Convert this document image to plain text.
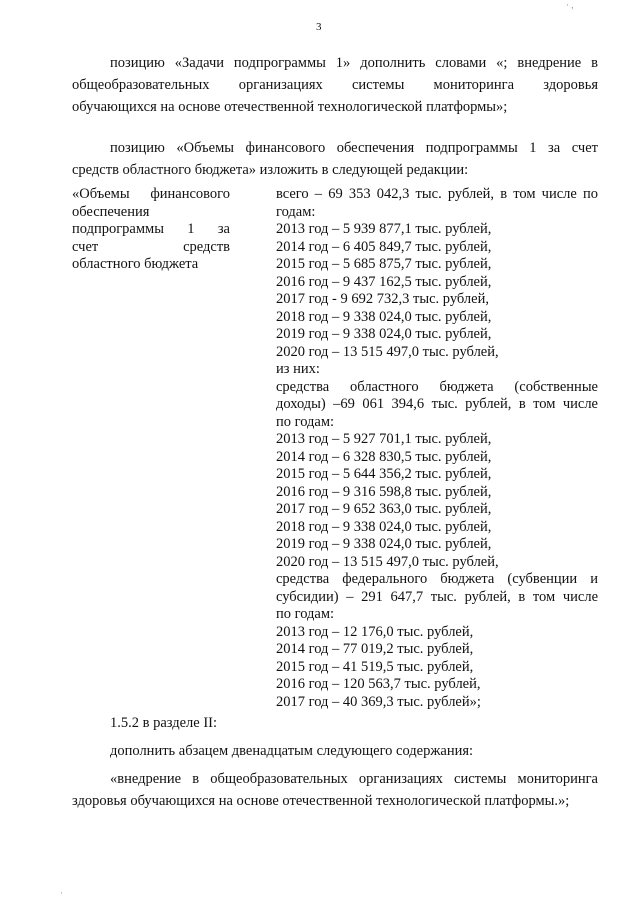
3
позицию «Задачи подпрограммы 1» дополнить словами «; внедрение в
общеобразовательных организациях системы мониторинга здоровья
обучающихся на основе отечественной технологической платформы»;
позицию «Объемы финансового обеспечения подпрограммы 1 за счет
средств областного бюджета» изложить в следующей редакции:
«Объемы финансового
обеспечения
подпрограммы 1 за
счет средств
областного бюджета
всего – 69 353 042,3 тыс. рублей, в том числе по
годам:
2013 год – 5 939 877,1 тыс. рублей,
2014 год – 6 405 849,7 тыс. рублей,
2015 год – 5 685 875,7 тыс. рублей,
2016 год – 9 437 162,5 тыс. рублей,
2017 год - 9 692 732,3 тыс. рублей,
2018 год – 9 338 024,0 тыс. рублей,
2019 год – 9 338 024,0 тыс. рублей,
2020 год – 13 515 497,0 тыс. рублей,
из них:
средства областного бюджета (собственные
доходы) –69 061 394,6 тыс. рублей, в том числе
по годам:
2013 год – 5 927 701,1 тыс. рублей,
2014 год – 6 328 830,5 тыс. рублей,
2015 год – 5 644 356,2 тыс. рублей,
2016 год – 9 316 598,8 тыс. рублей,
2017 год – 9 652 363,0 тыс. рублей,
2018 год – 9 338 024,0 тыс. рублей,
2019 год – 9 338 024,0 тыс. рублей,
2020 год – 13 515 497,0 тыс. рублей,
средства федерального бюджета (субвенции и
субсидии) – 291 647,7 тыс. рублей, в том числе
по годам:
2013 год – 12 176,0 тыс. рублей,
2014 год – 77 019,2 тыс. рублей,
2015 год – 41 519,5 тыс. рублей,
2016 год – 120 563,7 тыс. рублей,
2017 год – 40 369,3 тыс. рублей»;
1.5.2 в разделе II:
дополнить абзацем двенадцатым следующего содержания:
«внедрение в общеобразовательных организациях системы мониторинга
здоровья обучающихся на основе отечественной технологической платформы.»;
· ,
·
